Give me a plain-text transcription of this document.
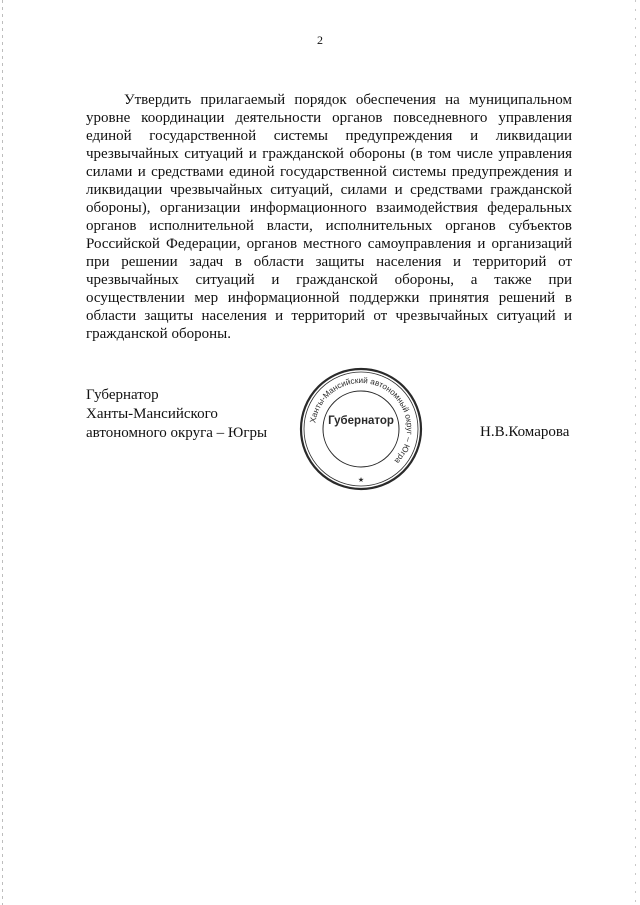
2
Утвердить прилагаемый порядок обеспечения на муниципальном уровне координации деятельности органов повседневного управления единой государственной системы предупреждения и ликвидации чрезвычайных ситуаций и гражданской обороны (в том числе управления силами и средствами единой государственной системы предупреждения и ликвидации чрезвычайных ситуаций, силами и средствами гражданской обороны), организации информационного взаимодействия федеральных органов исполнительной власти, исполнительных органов субъектов Российской Федерации, органов местного самоуправления и организаций при решении задач в области защиты населения и территорий от чрезвычайных ситуаций и гражданской обороны, а также при осуществлении мер информационной поддержки принятия решений в области защиты населения и территорий от чрезвычайных ситуаций и гражданской обороны.
Губернатор
Ханты-Мансийского
автономного округа – Югры
Ханты-Мансийский автономный округ – Югра
Губернатор
★
Н.В.Комарова
